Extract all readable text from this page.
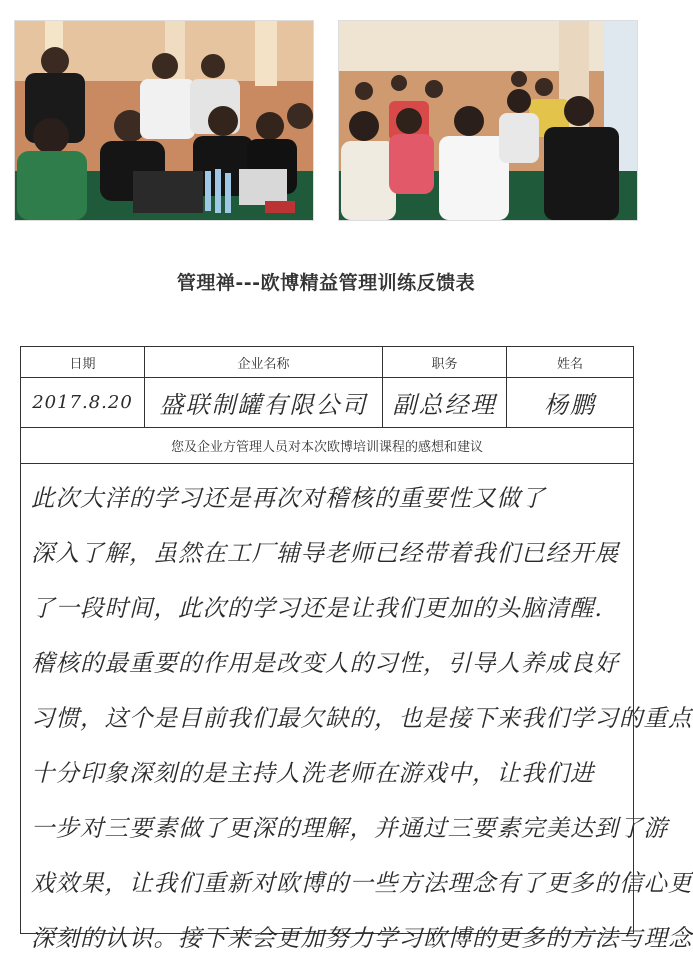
管理禅---欧博精益管理训练反馈表
日期	企业名称	职务	姓名
2017.8.20 盛联制罐有限公司 副总经理 杨鹏
您及企业方管理人员对本次欧博培训课程的感想和建议
此次大洋的学习还是再次对稽核的重要性又做了
深入了解，虽然在工厂辅导老师已经带着我们已经开展
了一段时间，此次的学习还是让我们更加的头脑清醒.
稽核的最重要的作用是改变人的习性，引导人养成良好
习惯，这个是目前我们最欠缺的，也是接下来我们学习的重点
十分印象深刻的是主持人洗老师在游戏中，让我们进
一步对三要素做了更深的理解，并通过三要素完美达到了游
戏效果，让我们重新对欧博的一些方法理念有了更多的信心更
深刻的认识。接下来会更加努力学习欧博的更多的方法与理念
